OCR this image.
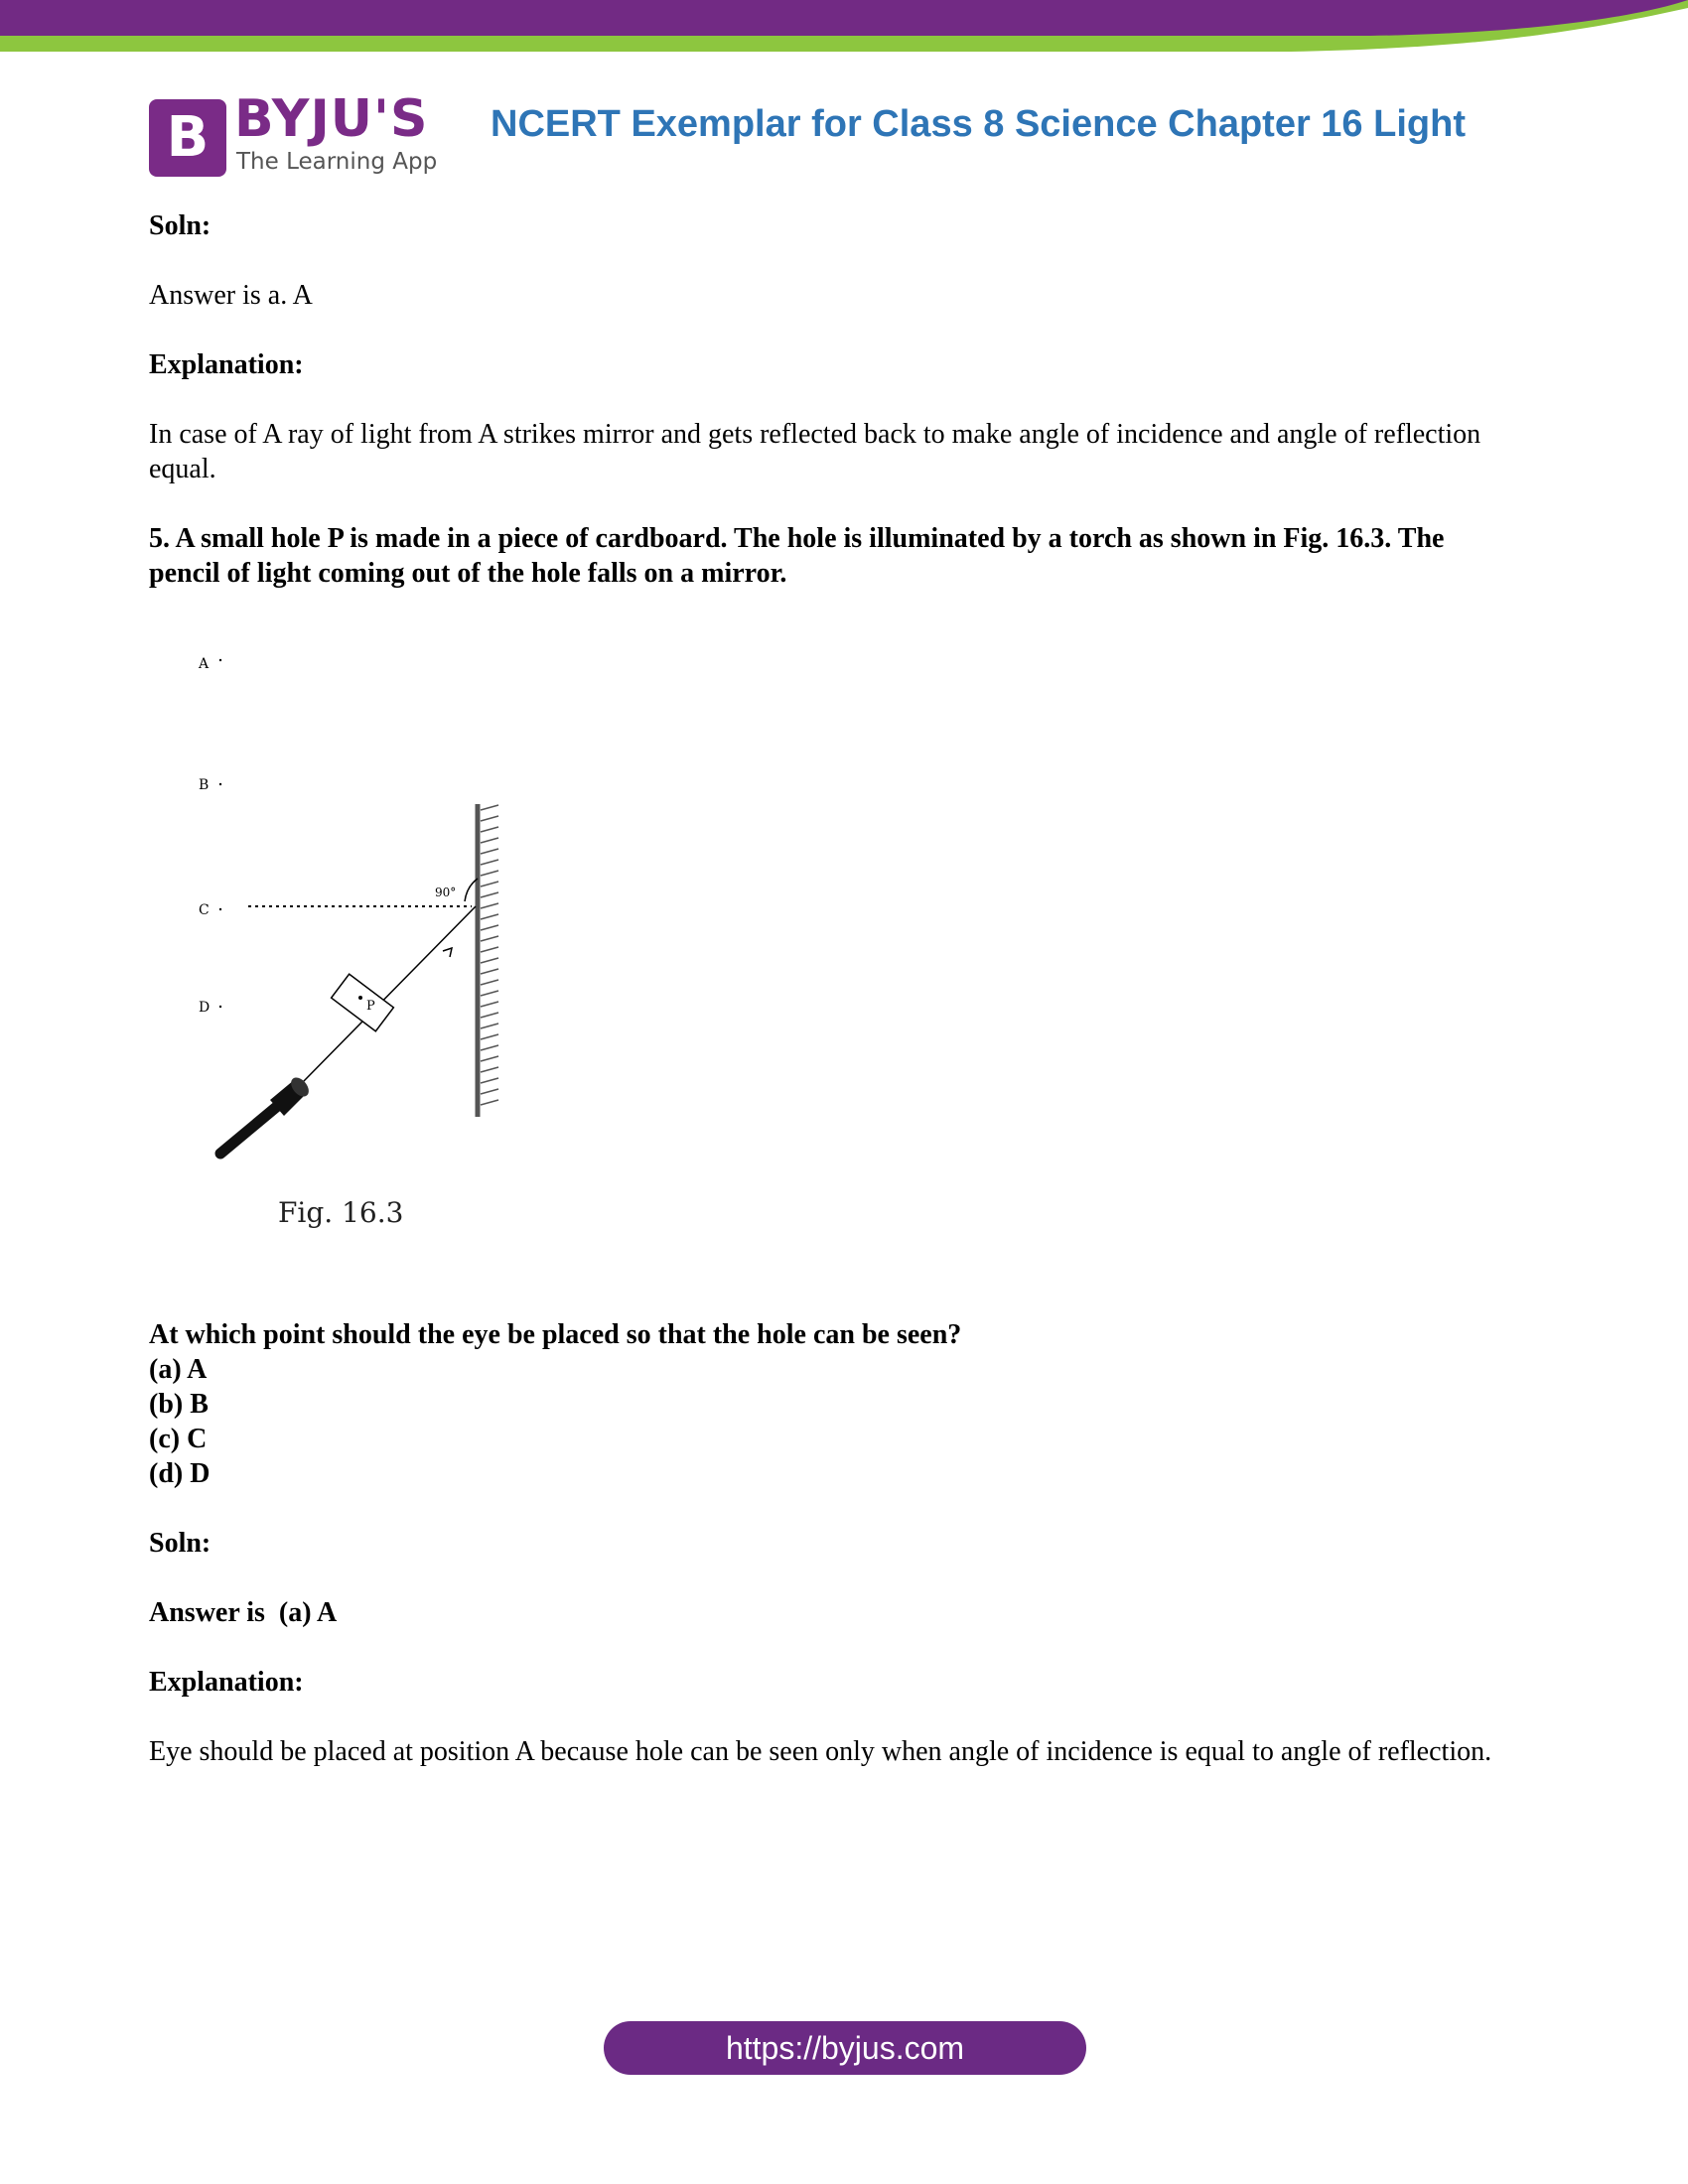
B BYJU'S
The Learning App
NCERT Exemplar for Class 8 Science Chapter 16 Light

Soln:

Answer is a. A

Explanation:

In case of A ray of light from A strikes mirror and gets reflected back to make angle of incidence and angle of reflection equal.

5. A small hole P is made in a piece of cardboard. The hole is illuminated by a torch as shown in Fig. 16.3. The pencil of light coming out of the hole falls on a mirror.

A
B
C
D
90°
P
Fig. 16.3

At which point should the eye be placed so that the hole can be seen?

(a) A

(b) B

(c) C

(d) D

Soln:

Answer is  (a) A

Explanation:

Eye should be placed at position A because hole can be seen only when angle of incidence is equal to angle of reflection.

https://byjus.com
